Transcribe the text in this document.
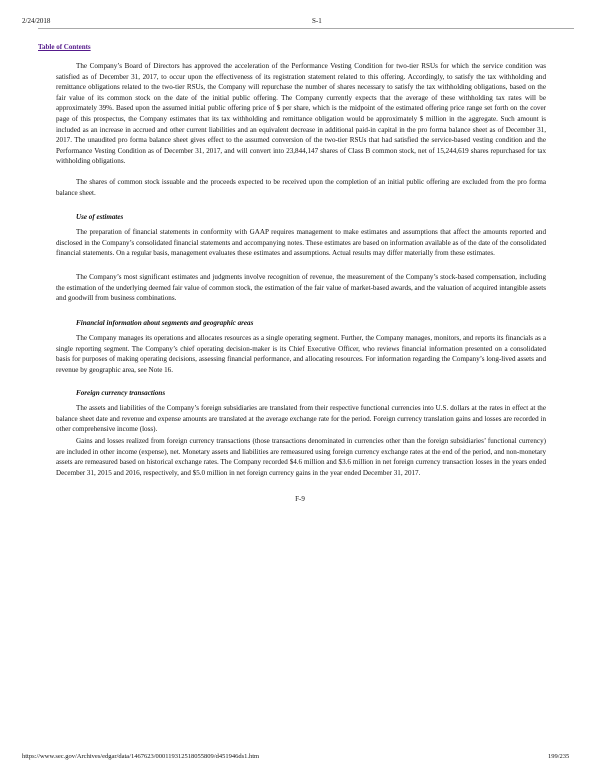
2/24/2018	S-1
Table of Contents

The Company’s Board of Directors has approved the acceleration of the Performance Vesting Condition for two-tier RSUs for which the service condition was satisfied as of December 31, 2017, to occur upon the effectiveness of its registration statement related to this offering. Accordingly, to satisfy the tax withholding and remittance obligations related to the two-tier RSUs, the Company will repurchase the number of shares necessary to satisfy the tax withholding obligations, based on the fair value of its common stock on the date of the initial public offering. The Company currently expects that the average of these withholding tax rates will be approximately 39%. Based upon the assumed initial public offering price of $ per share, which is the midpoint of the estimated offering price range set forth on the cover page of this prospectus, the Company estimates that its tax withholding and remittance obligation would be approximately $ million in the aggregate. Such amount is included as an increase in accrued and other current liabilities and an equivalent decrease in additional paid-in capital in the pro forma balance sheet as of December 31, 2017. The unaudited pro forma balance sheet gives effect to the assumed conversion of the two-tier RSUs that had satisfied the service-based vesting condition and the Performance Vesting Condition as of December 31, 2017, and will convert into 23,844,147 shares of Class B common stock, net of 15,244,619 shares repurchased for tax withholding obligations.

The shares of common stock issuable and the proceeds expected to be received upon the completion of an initial public offering are excluded from the pro forma balance sheet.

Use of estimates

The preparation of financial statements in conformity with GAAP requires management to make estimates and assumptions that affect the amounts reported and disclosed in the Company’s consolidated financial statements and accompanying notes. These estimates are based on information available as of the date of the consolidated financial statements. On a regular basis, management evaluates these estimates and assumptions. Actual results may differ materially from these estimates.

The Company’s most significant estimates and judgments involve recognition of revenue, the measurement of the Company’s stock-based compensation, including the estimation of the underlying deemed fair value of common stock, the estimation of the fair value of market-based awards, and the valuation of acquired intangible assets and goodwill from business combinations.

Financial information about segments and geographic areas

The Company manages its operations and allocates resources as a single operating segment. Further, the Company manages, monitors, and reports its financials as a single reporting segment. The Company’s chief operating decision-maker is its Chief Executive Officer, who reviews financial information presented on a consolidated basis for purposes of making operating decisions, assessing financial performance, and allocating resources. For information regarding the Company’s long-lived assets and revenue by geographic area, see Note 16.

Foreign currency transactions

The assets and liabilities of the Company’s foreign subsidiaries are translated from their respective functional currencies into U.S. dollars at the rates in effect at the balance sheet date and revenue and expense amounts are translated at the average exchange rate for the period. Foreign currency translation gains and losses are recorded in other comprehensive income (loss).

Gains and losses realized from foreign currency transactions (those transactions denominated in currencies other than the foreign subsidiaries’ functional currency) are included in other income (expense), net. Monetary assets and liabilities are remeasured using foreign currency exchange rates at the end of the period, and non-monetary assets are remeasured based on historical exchange rates. The Company recorded $4.6 million and $3.6 million in net foreign currency transaction losses in the years ended December 31, 2015 and 2016, respectively, and $5.0 million in net foreign currency gains in the year ended December 31, 2017.

F-9
https://www.sec.gov/Archives/edgar/data/1467623/000119312518055809/d451946ds1.htm	199/235
